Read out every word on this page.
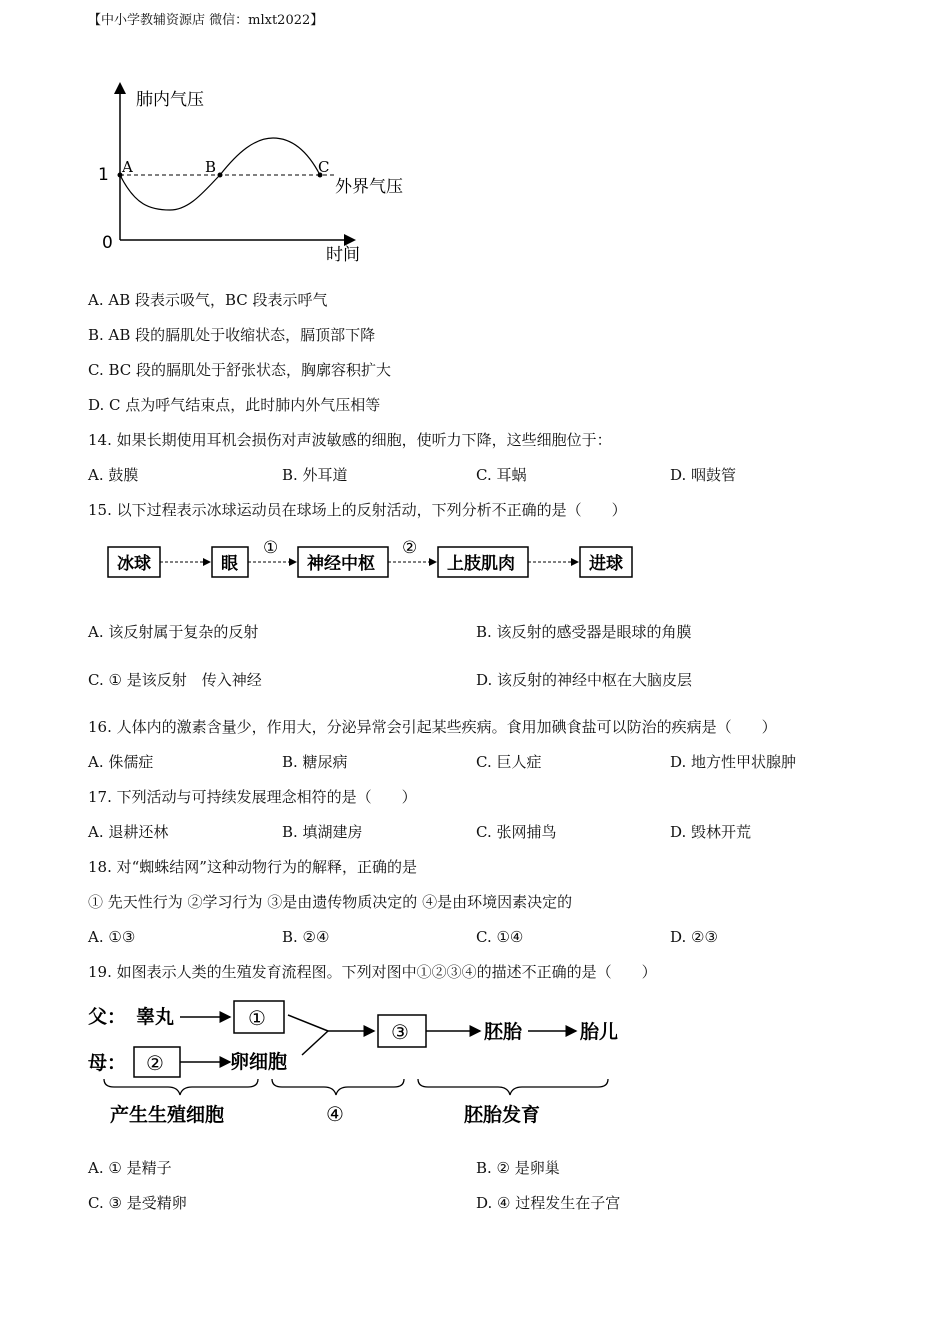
【中小学教辅资源店 微信：mlxt2022】
肺内气压
时间
外界气压
1
0
A	B	C
A. AB 段表示吸气，BC 段表示呼气
B. AB 段的膈肌处于收缩状态，膈顶部下降
C. BC 段的膈肌处于舒张状态，胸廓容积扩大
D. C 点为呼气结束点，此时肺内外气压相等
14. 如果长期使用耳机会损伤对声波敏感的细胞，使听力下降，这些细胞位于：
A. 鼓膜	B. 外耳道	C. 耳蜗	D. 咽鼓管
15. 以下过程表示冰球运动员在球场上的反射活动，下列分析不正确的是（　　）
冰球	眼	神经中枢	上肢肌肉	进球
①	②
A. 该反射属于复杂的反射	B. 该反射的感受器是眼球的角膜
C. ① 是该反射　传入神经	D. 该反射的神经中枢在大脑皮层
16. 人体内的激素含量少，作用大，分泌异常会引起某些疾病。食用加碘食盐可以防治的疾病是（　　）
A. 侏儒症	B. 糖尿病	C. 巨人症	D. 地方性甲状腺肿
17. 下列活动与可持续发展理念相符的是（　　）
A. 退耕还林	B. 填湖建房	C. 张网捕鸟	D. 毁林开荒
18. 对“蜘蛛结网”这种动物行为的解释，正确的是
① 先天性行为 ②学习行为 ③是由遗传物质决定的 ④是由环境因素决定的
A. ①③	B. ②④	C. ①④	D. ②③
19. 如图表示人类的生殖发育流程图。下列对图中①②③④的描述不正确的是（　　）
父： 睾丸	①
母： ②	卵细胞
③	胚胎	胎儿
产生生殖细胞	④	胚胎发育
A. ① 是精子	B. ② 是卵巢
C. ③ 是受精卵	D. ④ 过程发生在子宫
